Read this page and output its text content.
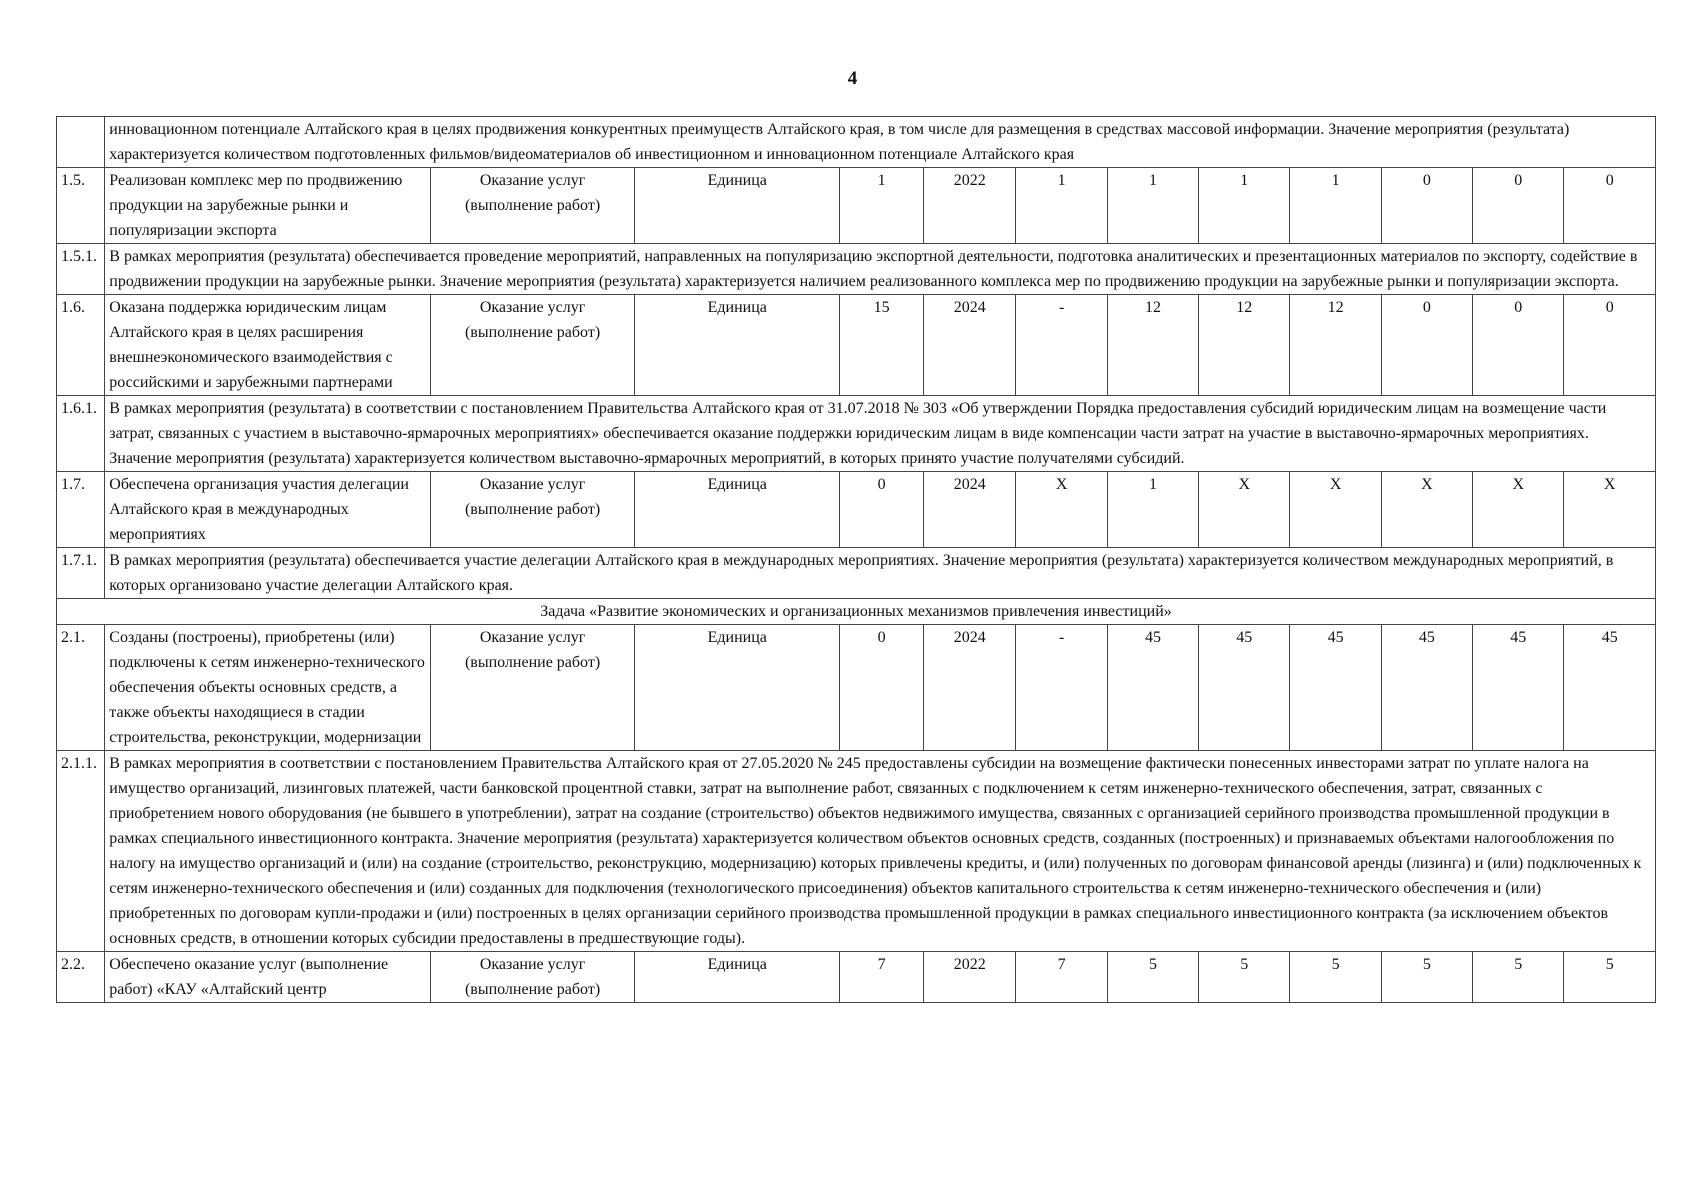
4
	инновационном потенциале Алтайского края в целях продвижения конкурентных преимуществ Алтайского края, в том числе для размещения в средствах массовой информации. Значение мероприятия (результата) характеризуется количеством подготовленных фильмов/видеоматериалов об инвестиционном и инновационном потенциале Алтайского края											
1.5.	Реализован комплекс мер по продвижению продукции на зарубежные рынки и популяризации экспорта	Оказание услуг (выполнение работ)	Единица	1	2022	1	1	1	1	0	0	0
1.5.1.	В рамках мероприятия (результата) обеспечивается проведение мероприятий, направленных на популяризацию экспортной деятельности, подготовка аналитических и презентационных материалов по экспорту, содействие в продвижении продукции на зарубежные рынки. Значение мероприятия (результата) характеризуется наличием реализованного комплекса мер по продвижению продукции на зарубежные рынки и популяризации экспорта.											
1.6.	Оказана поддержка юридическим лицам Алтайского края в целях расширения внешнеэкономического взаимодействия с российскими и зарубежными партнерами	Оказание услуг (выполнение работ)	Единица	15	2024	-	12	12	12	0	0	0
1.6.1.	В рамках мероприятия (результата) в соответствии с постановлением Правительства Алтайского края от 31.07.2018 № 303 «Об утверждении Порядка предоставления субсидий юридическим лицам на возмещение части затрат, связанных с участием в выставочно-ярмарочных мероприятиях» обеспечивается оказание поддержки юридическим лицам в виде компенсации части затрат на участие в выставочно-ярмарочных мероприятиях. Значение мероприятия (результата) характеризуется количеством выставочно-ярмарочных мероприятий, в которых принято участие получателями субсидий.											
1.7.	Обеспечена организация участия делегации Алтайского края в международных мероприятиях	Оказание услуг (выполнение работ)	Единица	0	2024	X	1	X	X	X	X	X
1.7.1.	В рамках мероприятия (результата) обеспечивается участие делегации Алтайского края в международных мероприятиях. Значение мероприятия (результата) характеризуется количеством международных мероприятий, в которых организовано участие делегации Алтайского края.											
Задача «Развитие экономических и организационных механизмов привлечения инвестиций»												
2.1.	Созданы (построены), приобретены (или) подключены к сетям инженерно-технического обеспечения объекты основных средств, а также объекты находящиеся в стадии строительства, реконструкции, модернизации	Оказание услуг (выполнение работ)	Единица	0	2024	-	45	45	45	45	45	45
2.1.1.	В рамках мероприятия в соответствии с постановлением Правительства Алтайского края от 27.05.2020 № 245 предоставлены субсидии на возмещение фактически понесенных инвесторами затрат по уплате налога на имущество организаций, лизинговых платежей, части банковской процентной ставки, затрат на выполнение работ, связанных с подключением к сетям инженерно-технического обеспечения, затрат, связанных с приобретением нового оборудования (не бывшего в употреблении), затрат на создание (строительство) объектов недвижимого имущества, связанных с организацией серийного производства промышленной продукции в рамках специального инвестиционного контракта. Значение мероприятия (результата) характеризуется количеством объектов основных средств, созданных (построенных) и признаваемых объектами налогообложения по налогу на имущество организаций и (или) на создание (строительство, реконструкцию, модернизацию) которых привлечены кредиты, и (или) полученных по договорам финансовой аренды (лизинга) и (или) подключенных к сетям инженерно-технического обеспечения и (или) созданных для подключения (технологического присоединения) объектов капитального строительства к сетям инженерно-технического обеспечения и (или) приобретенных по договорам купли-продажи и (или) построенных в целях организации серийного производства промышленной продукции в рамках специального инвестиционного контракта (за исключением объектов основных средств, в отношении которых субсидии предоставлены в предшествующие годы).											
2.2.	Обеспечено оказание услуг (выполнение работ) «КАУ «Алтайский центр	Оказание услуг (выполнение работ)	Единица	7	2022	7	5	5	5	5	5	5
